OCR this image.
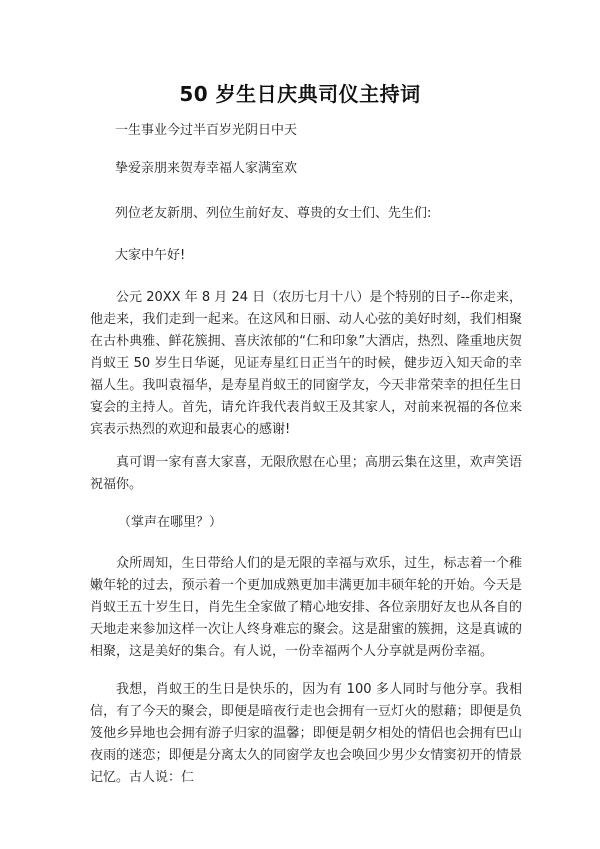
50 岁生日庆典司仪主持词

一生事业今过半百岁光阴日中天

挚爱亲朋来贺寿幸福人家满室欢

列位老友新朋、列位生前好友、尊贵的女士们、先生们:

大家中午好!

公元 20XX 年 8 月 24 日（农历七月十八）是个特别的日子--你走来，他走来，我们走到一起来。在这风和日丽、动人心弦的美好时刻，我们相聚在古朴典雅、鲜花簇拥、喜庆浓郁的“仁和印象”大酒店，热烈、隆重地庆贺肖蚁王 50 岁生日华诞，见证寿星红日正当午的时候，健步迈入知天命的幸福人生。我叫袁福华，是寿星肖蚁王的同窗学友，今天非常荣幸的担任生日宴会的主持人。首先，请允许我代表肖蚁王及其家人，对前来祝福的各位来宾表示热烈的欢迎和最衷心的感谢!

真可谓一家有喜大家喜，无限欣慰在心里；高朋云集在这里，欢声笑语祝福你。

（掌声在哪里？）

众所周知，生日带给人们的是无限的幸福与欢乐，过生，标志着一个稚嫩年轮的过去，预示着一个更加成熟更加丰满更加丰硕年轮的开始。今天是肖蚁王五十岁生日，肖先生全家做了精心地安排、各位亲朋好友也从各自的天地走来参加这样一次让人终身难忘的聚会。这是甜蜜的簇拥，这是真诚的相聚，这是美好的集合。有人说，一份幸福两个人分享就是两份幸福。

我想，肖蚁王的生日是快乐的，因为有 100 多人同时与他分享。我相信，有了今天的聚会，即便是暗夜行走也会拥有一豆灯火的慰藉；即便是负笈他乡异地也会拥有游子归家的温馨；即便是朝夕相处的情侣也会拥有巴山夜雨的迷恋；即便是分离太久的同窗学友也会唤回少男少女情窦初开的情景记忆。古人说：仁
